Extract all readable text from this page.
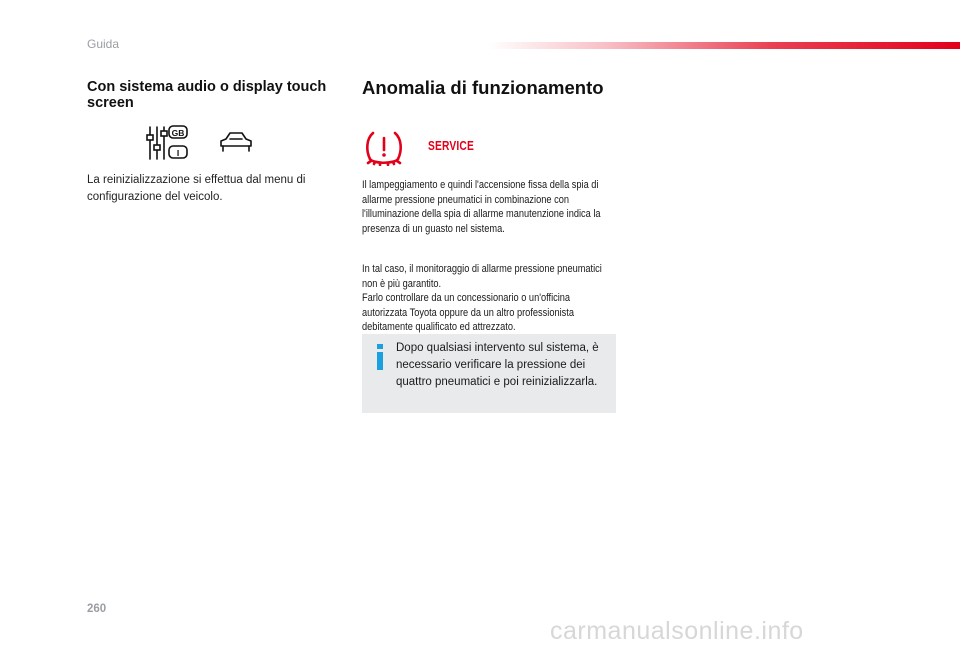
Guida
Con sistema audio o display touch screen
GB
I
La reinizializzazione si effettua dal menu di configurazione del veicolo.
Anomalia di funzionamento
SERVICE
Il lampeggiamento e quindi l'accensione fissa della spia di allarme pressione pneumatici in combinazione con l'illuminazione della spia di allarme manutenzione indica la presenza di un guasto nel sistema.
In tal caso, il monitoraggio di allarme pressione pneumatici non è più garantito.
Farlo controllare da un concessionario o un'officina autorizzata Toyota oppure da un altro professionista debitamente qualificato ed attrezzato.
Dopo qualsiasi intervento sul sistema, è necessario verificare la pressione dei quattro pneumatici e poi reinizializzarla.
260
carmanualsonline.info
